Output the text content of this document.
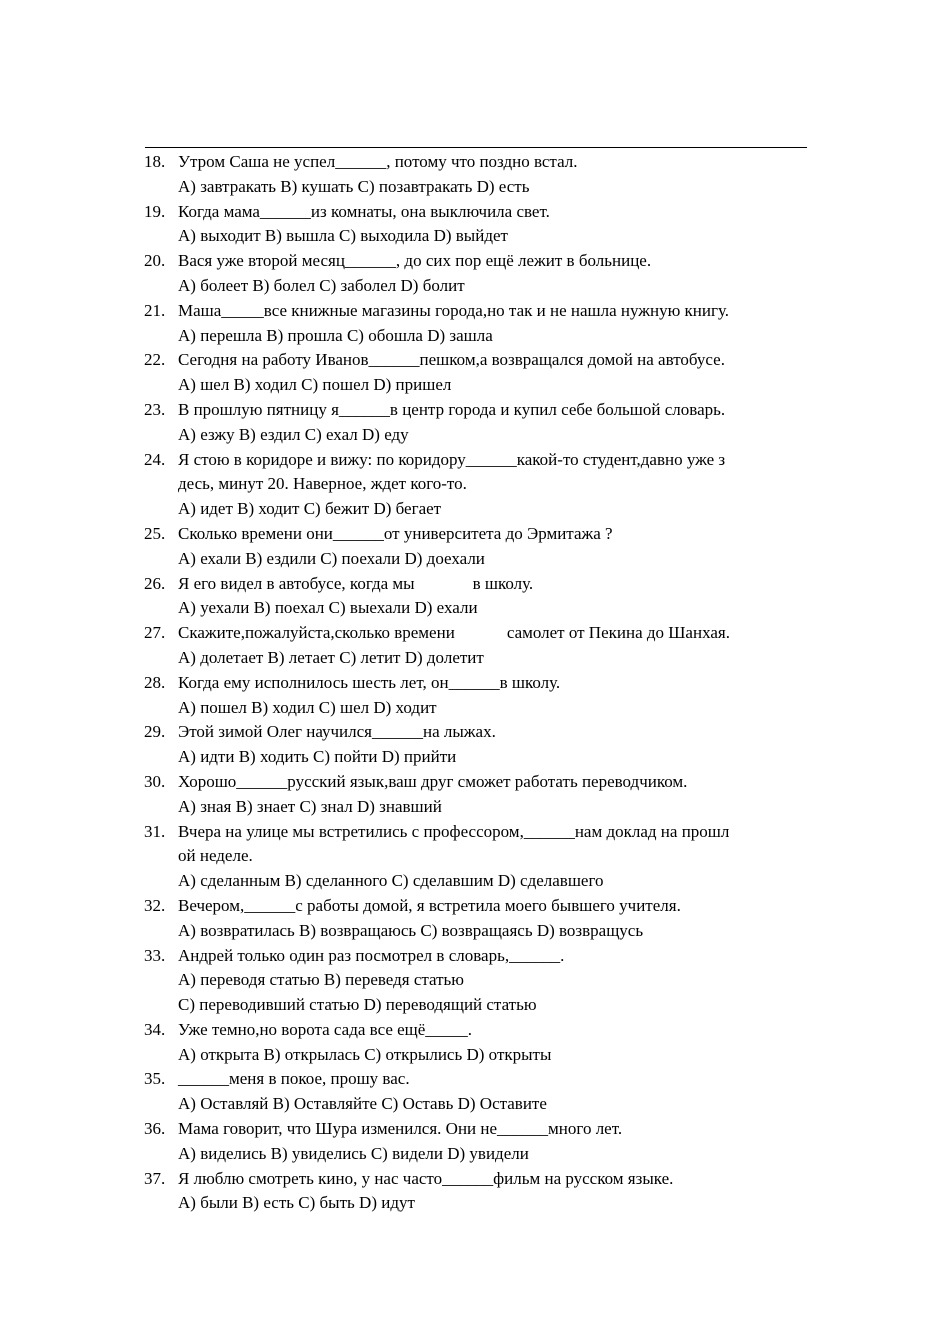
18. Утром Саша не успел______, потому что поздно встал.
A) завтракать B) кушать C) позавтракать D) есть
19. Когда мама______из комнаты, она выключила свет.
A) выходит B) вышла C) выходила D) выйдет
20. Вася уже второй месяц______, до сих пор ещё лежит в больнице.
A) болеет B) болел C) заболел D) болит
21. Маша_____все книжные магазины города,но так и не нашла нужную книгу.
A) перешла B) прошла C) обошла D) зашла
22. Сегодня на работу Иванов______пешком,а возвращался домой на автобусе.
A) шел B) ходил C) пошел D) пришел
23. В прошлую пятницу я______в центр города и купил себе большой словарь.
A) езжу B) ездил C) ехал D) еду
24. Я стою в коридоре и вижу: по коридору______какой-то студент,давно уже з
десь, минут 20. Наверное, ждет кого-то.
A) идет B) ходит C) бежит D) бегает
25. Сколько времени они______от университета до Эрмитажа ?
A) ехали B) ездили C) поехали D) доехали
26. Я его видел в автобусе, когда мы	в школу.
A) уехали B) поехал C) выехали D) ехали
27. Скажите,пожалуйста,сколько времени	самолет от Пекина до Шанхая.
A) долетает B) летает C) летит D) долетит
28. Когда ему исполнилось шесть лет, он______в школу.
A) пошел B) ходил C) шел D) ходит
29. Этой зимой Олег научился______на лыжах.
A) идти B) ходить C) пойти D) прийти
30. Хорошо______русский язык,ваш друг сможет работать переводчиком.
A) зная B) знает C) знал D) знавший
31. Вчера на улице мы встретились с профессором,______нам доклад на прошл
ой неделе.
A) сделанным B) сделанного C) сделавшим D) сделавшего
32. Вечером,______с работы домой, я встретила моего бывшего учителя.
A) возвратилась B) возвращаюсь C) возвращаясь D) возвращусь
33. Андрей только один раз посмотрел в словарь,______.
A) переводя статью B) переведя статью
C) переводивший статью D) переводящий статью
34. Уже темно,но ворота сада все ещё_____.
A) открыта B) открылась C) открылись D) открыты
35. ______меня в покое, прошу вас.
A) Оставляй B) Оставляйте C) Оставь D) Оставите
36. Мама говорит, что Шура изменился. Они не______много лет.
A) виделись B) увиделись C) видели D) увидели
37. Я люблю смотреть кино, у нас часто______фильм на русском языке.
A) были B) есть C) быть D) идут
